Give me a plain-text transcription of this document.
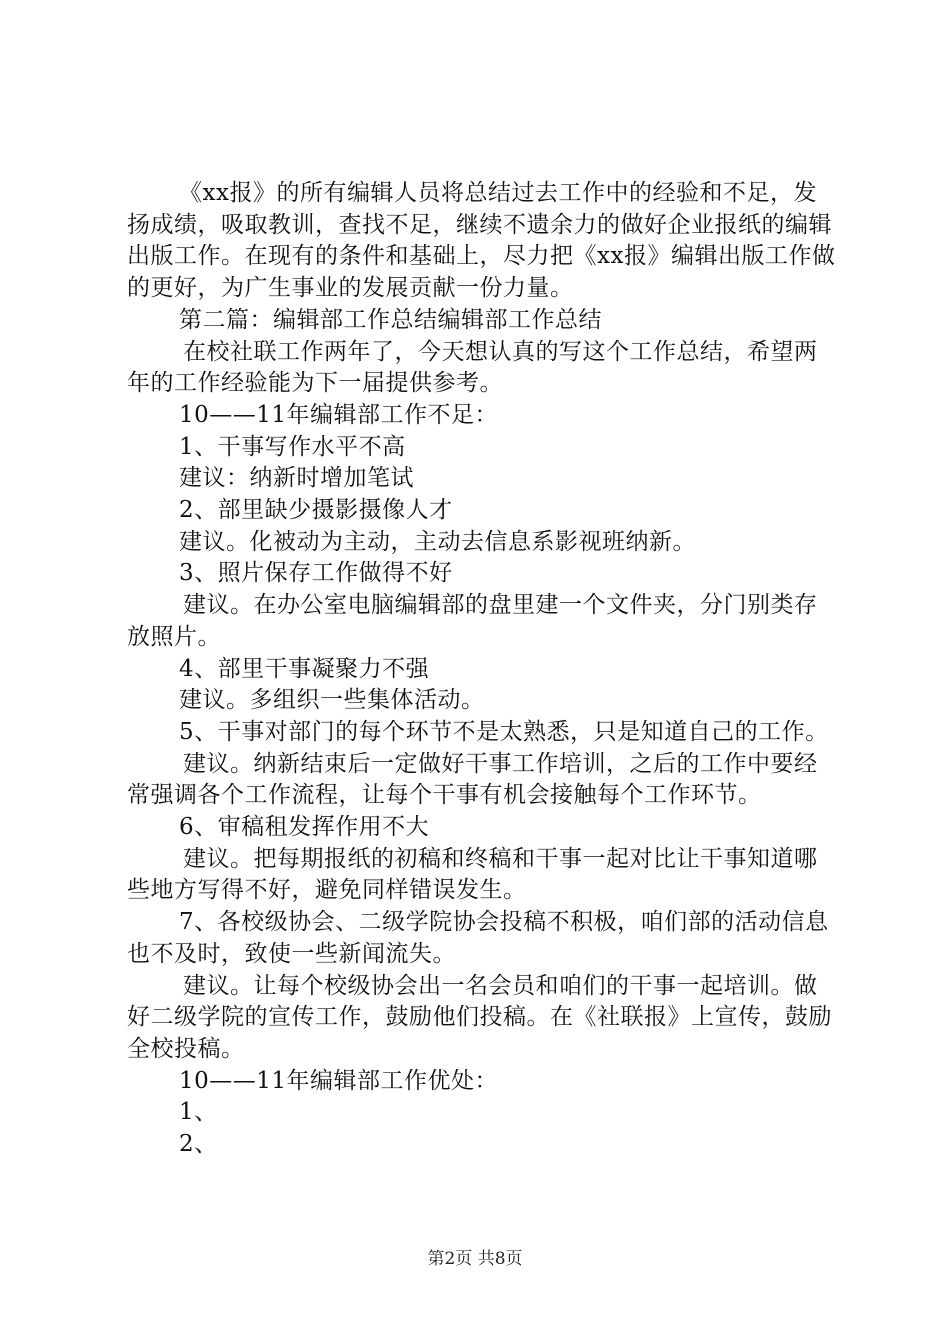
《xx报》的所有编辑人员将总结过去工作中的经验和不足，发扬成绩，吸取教训，查找不足，继续不遗余力的做好企业报纸的编辑出版工作。在现有的条件和基础上，尽力把《xx报》编辑出版工作做的更好，为广生事业的发展贡献一份力量。

第二篇：编辑部工作总结编辑部工作总结

在校社联工作两年了，今天想认真的写这个工作总结，希望两年的工作经验能为下一届提供参考。

10——11年编辑部工作不足：

1、干事写作水平不高

建议：纳新时增加笔试

2、部里缺少摄影摄像人才

建议。化被动为主动，主动去信息系影视班纳新。

3、照片保存工作做得不好

建议。在办公室电脑编辑部的盘里建一个文件夹，分门别类存放照片。

4、部里干事凝聚力不强

建议。多组织一些集体活动。

5、干事对部门的每个环节不是太熟悉，只是知道自己的工作。

建议。纳新结束后一定做好干事工作培训，之后的工作中要经常强调各个工作流程，让每个干事有机会接触每个工作环节。

6、审稿租发挥作用不大

建议。把每期报纸的初稿和终稿和干事一起对比让干事知道哪些地方写得不好，避免同样错误发生。

7、各校级协会、二级学院协会投稿不积极，咱们部的活动信息也不及时，致使一些新闻流失。

建议。让每个校级协会出一名会员和咱们的干事一起培训。做好二级学院的宣传工作，鼓励他们投稿。在《社联报》上宣传，鼓励全校投稿。

10——11年编辑部工作优处：

1、

2、

第2页 共8页
